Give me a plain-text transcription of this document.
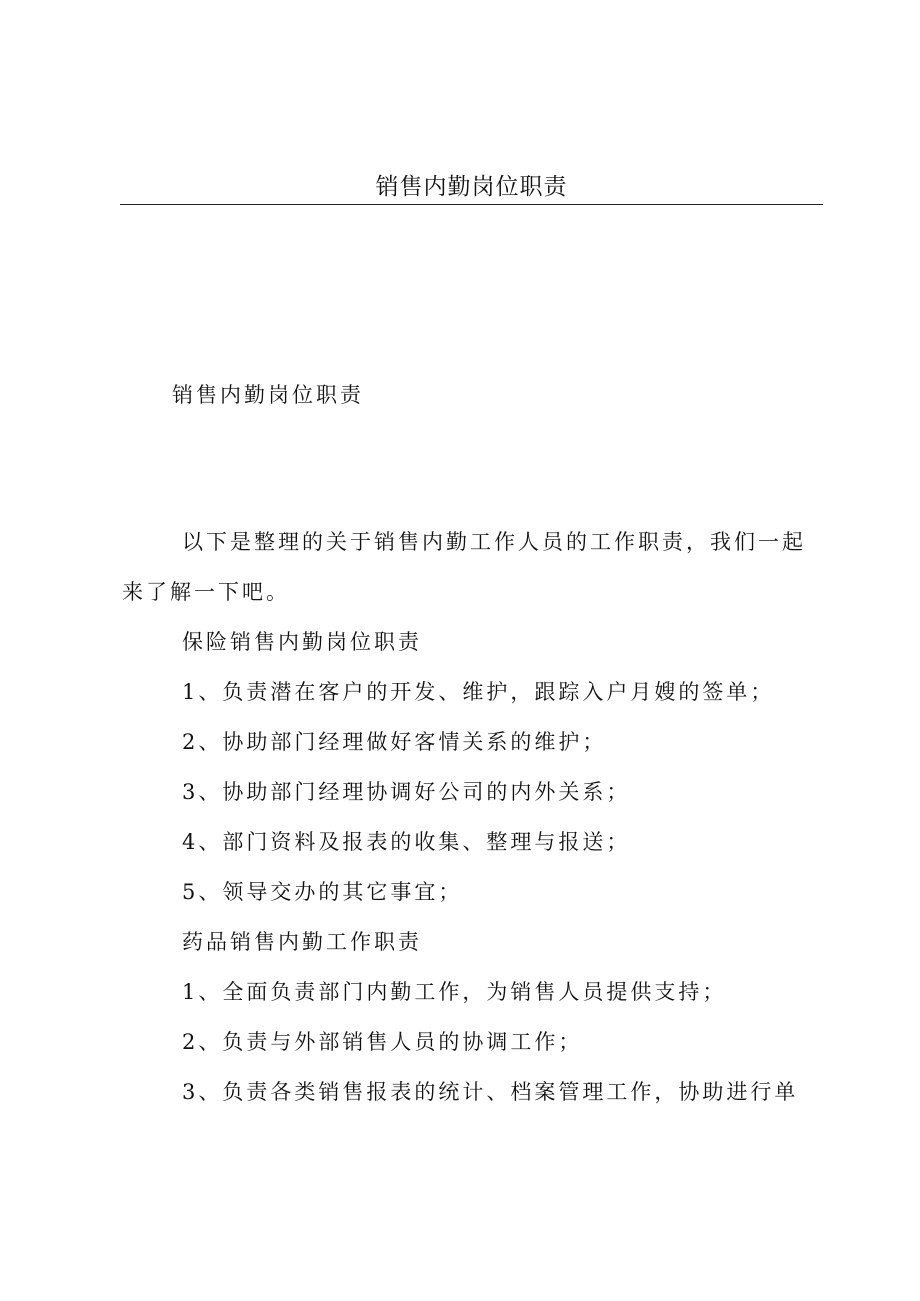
销售内勤岗位职责
销售内勤岗位职责
以下是整理的关于销售内勤工作人员的工作职责，我们一起
来了解一下吧。
保险销售内勤岗位职责
1、负责潜在客户的开发、维护，跟踪入户月嫂的签单；
2、协助部门经理做好客情关系的维护；
3、协助部门经理协调好公司的内外关系；
4、部门资料及报表的收集、整理与报送；
5、领导交办的其它事宜；
药品销售内勤工作职责
1、全面负责部门内勤工作，为销售人员提供支持；
2、负责与外部销售人员的协调工作；
3、负责各类销售报表的统计、档案管理工作，协助进行单
